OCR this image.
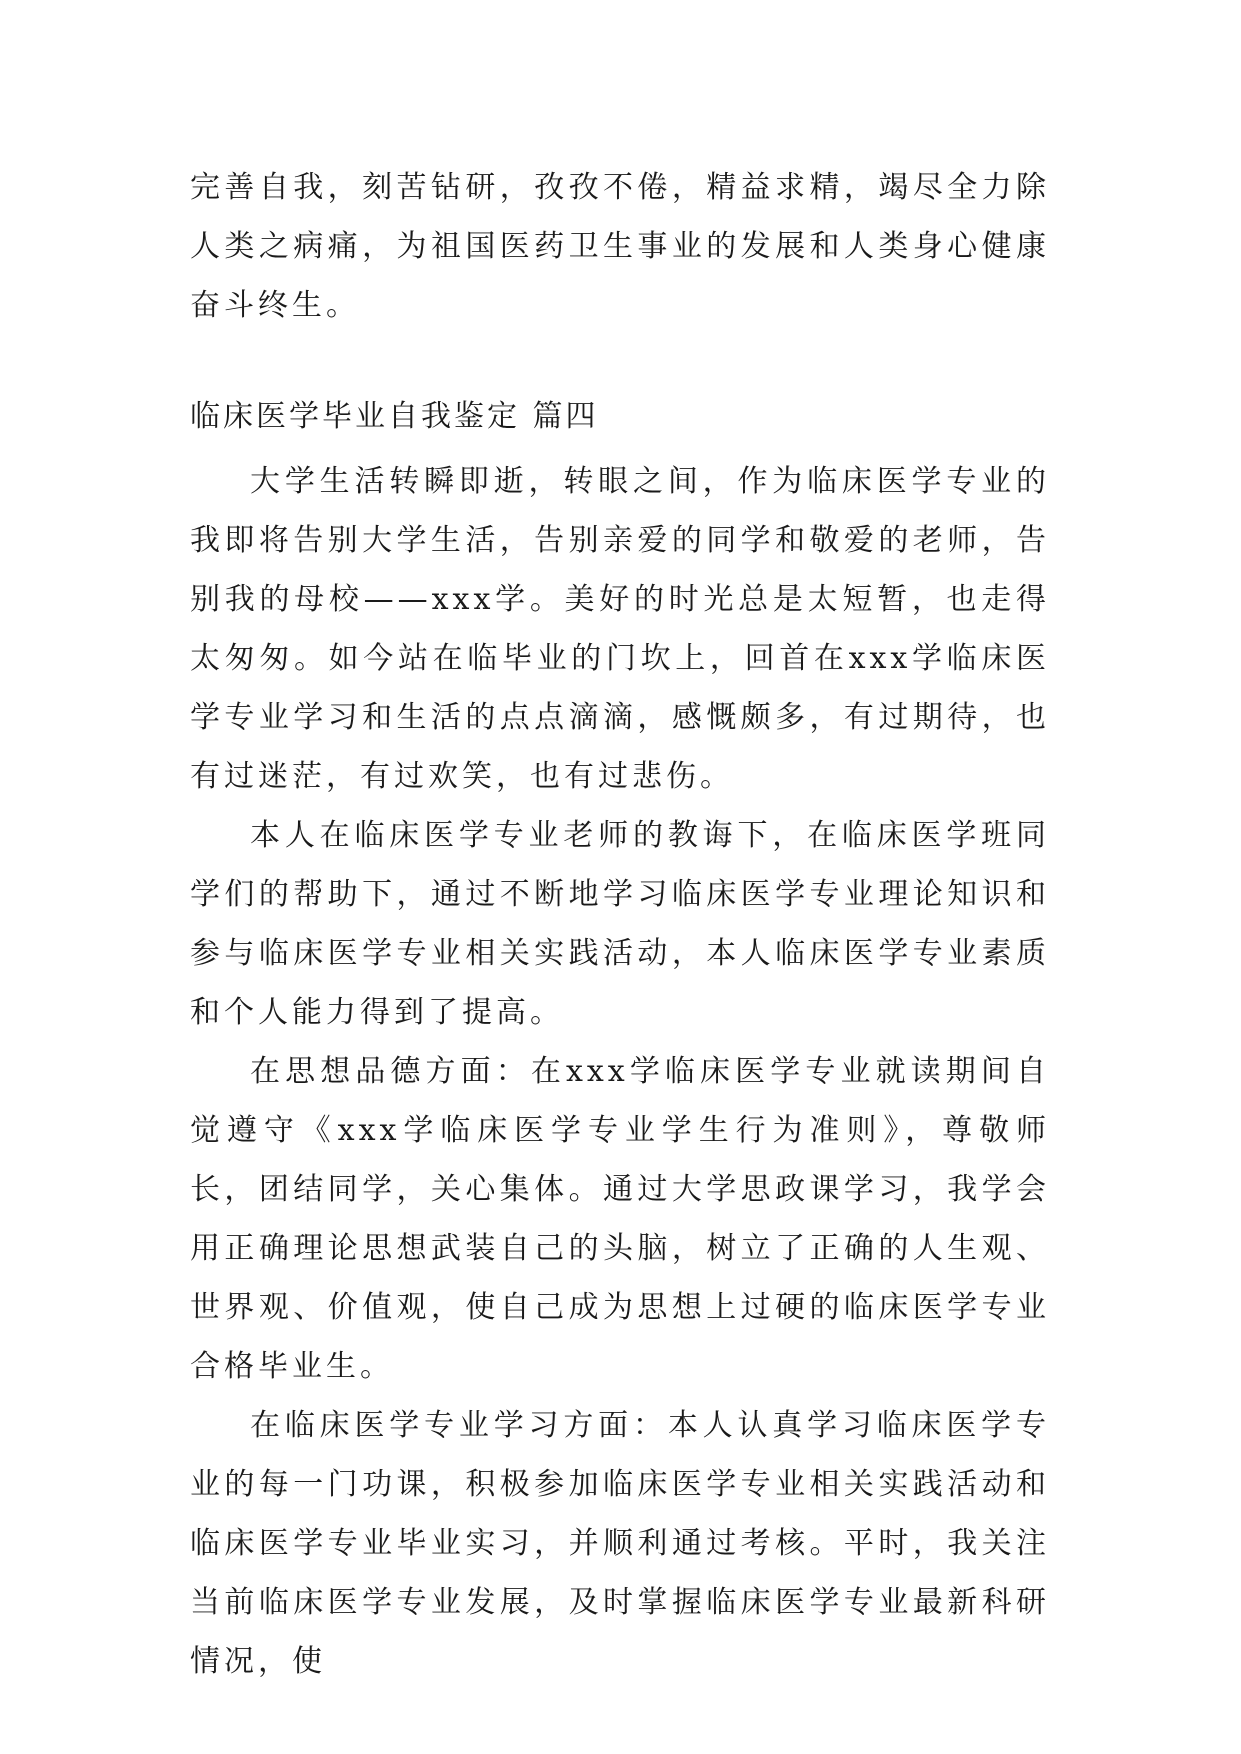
完善自我，刻苦钻研，孜孜不倦，精益求精，竭尽全力除人类之病痛，为祖国医药卫生事业的发展和人类身心健康奋斗终生。

临床医学毕业自我鉴定 篇四

大学生活转瞬即逝，转眼之间，作为临床医学专业的我即将告别大学生活，告别亲爱的同学和敬爱的老师，告别我的母校——xxx学。美好的时光总是太短暂，也走得太匆匆。如今站在临毕业的门坎上，回首在xxx学临床医学专业学习和生活的点点滴滴，感慨颇多，有过期待，也有过迷茫，有过欢笑，也有过悲伤。

本人在临床医学专业老师的教诲下，在临床医学班同学们的帮助下，通过不断地学习临床医学专业理论知识和参与临床医学专业相关实践活动，本人临床医学专业素质和个人能力得到了提高。

在思想品德方面：在xxx学临床医学专业就读期间自觉遵守《xxx学临床医学专业学生行为准则》，尊敬师长，团结同学，关心集体。通过大学思政课学习，我学会用正确理论思想武装自己的头脑，树立了正确的人生观、世界观、价值观，使自己成为思想上过硬的临床医学专业合格毕业生。

在临床医学专业学习方面：本人认真学习临床医学专业的每一门功课，积极参加临床医学专业相关实践活动和临床医学专业毕业实习，并顺利通过考核。平时，我关注当前临床医学专业发展，及时掌握临床医学专业最新科研情况，使
